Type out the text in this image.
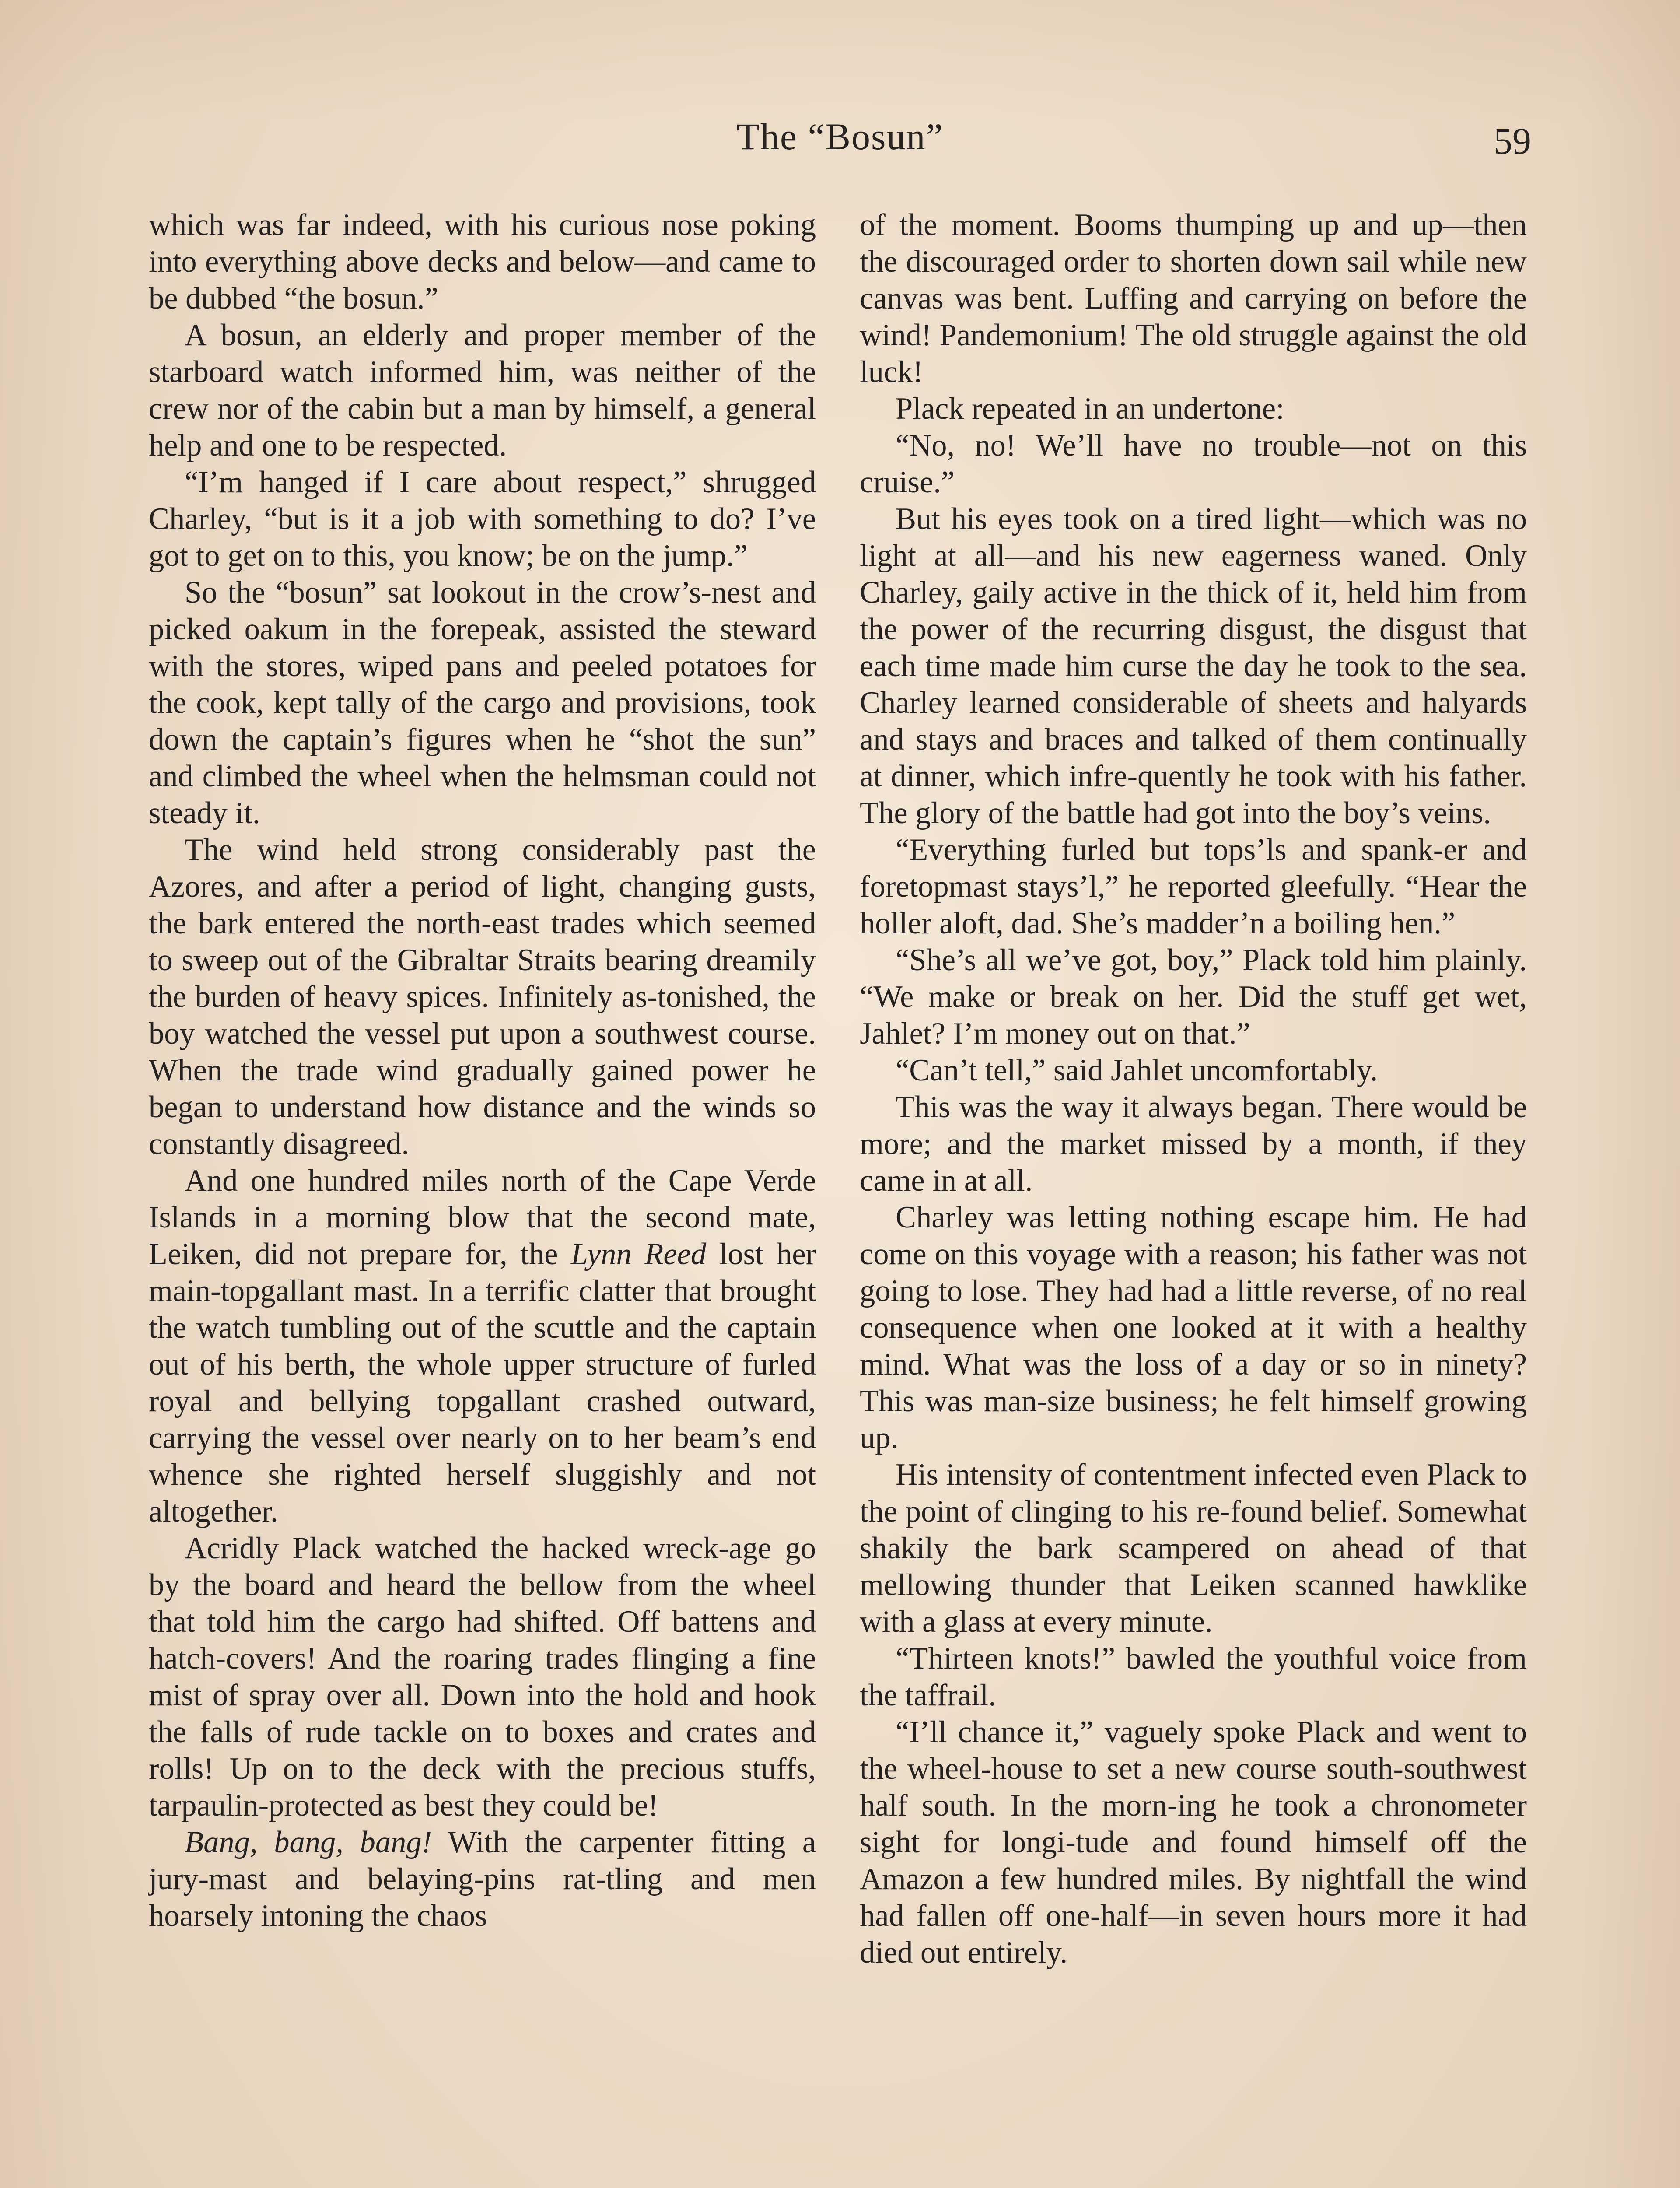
The “Bosun”	59

which was far indeed, with his curious nose poking into everything above decks and below—and came to be dubbed “the bosun.”

A bosun, an elderly and proper member of the starboard watch informed him, was neither of the crew nor of the cabin but a man by himself, a general help and one to be respected.

“I’m hanged if I care about respect,” shrugged Charley, “but is it a job with something to do? I’ve got to get on to this, you know; be on the jump.”

So the “bosun” sat lookout in the crow’s-nest and picked oakum in the forepeak, assisted the steward with the stores, wiped pans and peeled potatoes for the cook, kept tally of the cargo and provisions, took down the captain’s figures when he “shot the sun” and climbed the wheel when the helmsman could not steady it.

The wind held strong considerably past the Azores, and after a period of light, changing gusts, the bark entered the north-east trades which seemed to sweep out of the Gibraltar Straits bearing dreamily the burden of heavy spices. Infinitely as-tonished, the boy watched the vessel put upon a southwest course. When the trade wind gradually gained power he began to understand how distance and the winds so constantly disagreed.

And one hundred miles north of the Cape Verde Islands in a morning blow that the second mate, Leiken, did not prepare for, the Lynn Reed lost her main-topgallant mast. In a terrific clatter that brought the watch tumbling out of the scuttle and the captain out of his berth, the whole upper structure of furled royal and bellying topgallant crashed outward, carrying the vessel over nearly on to her beam’s end whence she righted herself sluggishly and not altogether.

Acridly Plack watched the hacked wreck-age go by the board and heard the bellow from the wheel that told him the cargo had shifted. Off battens and hatch-covers! And the roaring trades flinging a fine mist of spray over all. Down into the hold and hook the falls of rude tackle on to boxes and crates and rolls! Up on to the deck with the precious stuffs, tarpaulin-protected as best they could be!

Bang, bang, bang! With the carpenter fitting a jury-mast and belaying-pins rat-tling and men hoarsely intoning the chaos

of the moment. Booms thumping up and up—then the discouraged order to shorten down sail while new canvas was bent. Luffing and carrying on before the wind! Pandemonium! The old struggle against the old luck!

Plack repeated in an undertone:

“No, no! We’ll have no trouble—not on this cruise.”

But his eyes took on a tired light—which was no light at all—and his new eagerness waned. Only Charley, gaily active in the thick of it, held him from the power of the recurring disgust, the disgust that each time made him curse the day he took to the sea. Charley learned considerable of sheets and halyards and stays and braces and talked of them continually at dinner, which infre-quently he took with his father. The glory of the battle had got into the boy’s veins.

“Everything furled but tops’ls and spank-er and foretopmast stays’l,” he reported gleefully. “Hear the holler aloft, dad. She’s madder’n a boiling hen.”

“She’s all we’ve got, boy,” Plack told him plainly. “We make or break on her. Did the stuff get wet, Jahlet? I’m money out on that.”

“Can’t tell,” said Jahlet uncomfortably.

This was the way it always began. There would be more; and the market missed by a month, if they came in at all.

Charley was letting nothing escape him. He had come on this voyage with a reason; his father was not going to lose. They had had a little reverse, of no real consequence when one looked at it with a healthy mind. What was the loss of a day or so in ninety? This was man-size business; he felt himself growing up.

His intensity of contentment infected even Plack to the point of clinging to his re-found belief. Somewhat shakily the bark scampered on ahead of that mellowing thunder that Leiken scanned hawklike with a glass at every minute.

“Thirteen knots!” bawled the youthful voice from the taffrail.

“I’ll chance it,” vaguely spoke Plack and went to the wheel-house to set a new course south-southwest half south. In the morn-ing he took a chronometer sight for longi-tude and found himself off the Amazon a few hundred miles. By nightfall the wind had fallen off one-half—in seven hours more it had died out entirely.
